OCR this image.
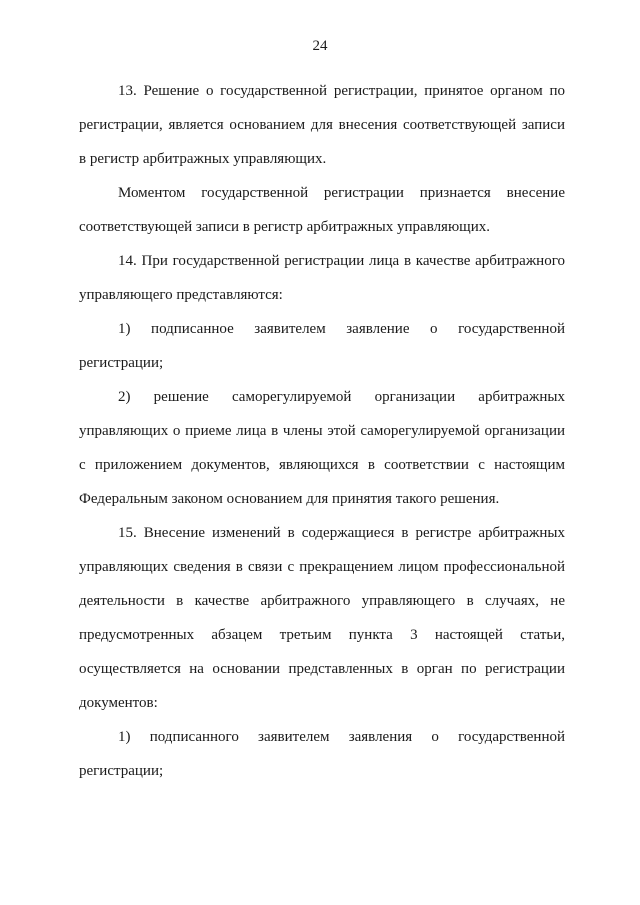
24
13. Решение о государственной регистрации, принятое органом по
регистрации, является основанием для внесения соответствующей записи
в регистр арбитражных управляющих.
Моментом государственной регистрации признается внесение
соответствующей записи в регистр арбитражных управляющих.
14. При государственной регистрации лица в качестве арбитражного
управляющего представляются:
1) подписанное заявителем заявление о государственной
регистрации;
2) решение саморегулируемой организации арбитражных
управляющих о приеме лица в члены этой саморегулируемой организации
с приложением документов, являющихся в соответствии с настоящим
Федеральным законом основанием для принятия такого решения.
15. Внесение изменений в содержащиеся в регистре арбитражных
управляющих сведения в связи с прекращением лицом профессиональной
деятельности в качестве арбитражного управляющего в случаях, не
предусмотренных абзацем третьим пункта 3 настоящей статьи,
осуществляется на основании представленных в орган по регистрации
документов:
1) подписанного заявителем заявления о государственной
регистрации;
